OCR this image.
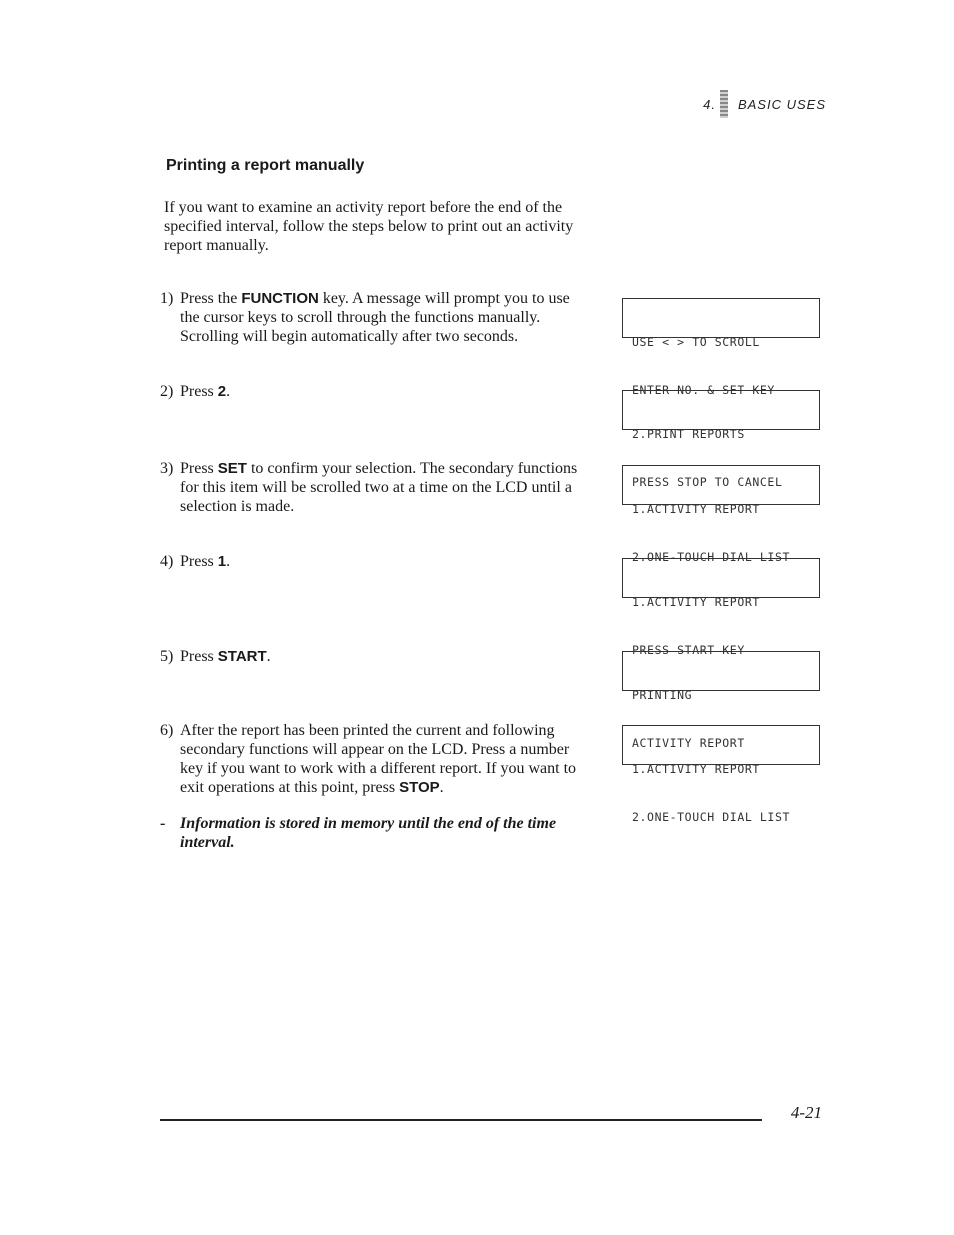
4. BASIC USES
Printing a report manually

If you want to examine an activity report before the end of the specified interval, follow the steps below to print out an activity report manually.

1) Press the FUNCTION key. A message will prompt you to use the cursor keys to scroll through the functions manually. Scrolling will begin automatically after two seconds.

	USE < > TO SCROLL

ENTER NO. & SET KEY

2) Press 2.

2.PRINT REPORTS

PRESS STOP TO CANCEL

3) Press SET to confirm your selection. The secondary functions for this item will be scrolled two at a time on the LCD until a selection is made.

	1.ACTIVITY REPORT

2.ONE-TOUCH DIAL LIST

4) Press 1.

1.ACTIVITY REPORT

PRESS START KEY

5) Press START.

PRINTING

ACTIVITY REPORT

6) After the report has been printed the current and following secondary functions will appear on the LCD. Press a number key if you want to work with a different report. If you want to exit operations at this point, press STOP.

1.ACTIVITY REPORT

2.ONE-TOUCH DIAL LIST

- Information is stored in memory until the end of the time interval.
4-21
